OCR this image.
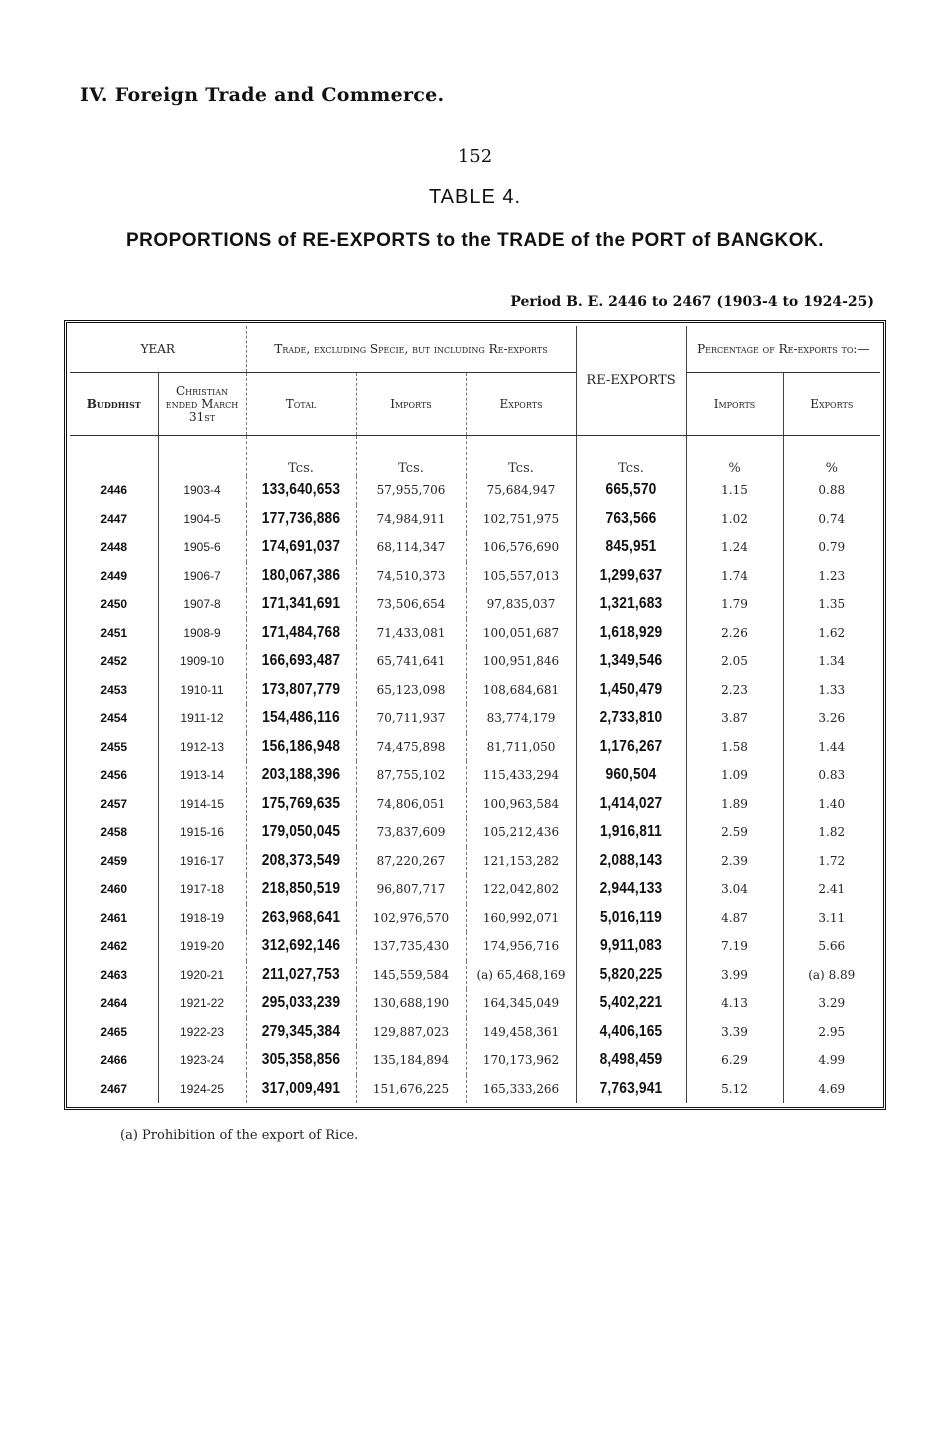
IV. Foreign Trade and Commerce.
152
TABLE 4.
PROPORTIONS of RE-EXPORTS to the TRADE of the PORT of BANGKOK.
Period B. E. 2446 to 2467 (1903-4 to 1924-25)
YEAR		Trade, excluding Specie, but including Re-exports			RE-EXPORTS	Percentage of Re-exports to:—	
Buddhist	Christian ended March 31st	Total	Imports	Exports		Imports	Exports
		Tcs.	Tcs.	Tcs.	Tcs.	%	%
2446	1903-4	133,640,653	57,955,706	75,684,947	665,570	1.15	0.88
2447	1904-5	177,736,886	74,984,911	102,751,975	763,566	1.02	0.74
2448	1905-6	174,691,037	68,114,347	106,576,690	845,951	1.24	0.79
2449	1906-7	180,067,386	74,510,373	105,557,013	1,299,637	1.74	1.23
2450	1907-8	171,341,691	73,506,654	97,835,037	1,321,683	1.79	1.35
2451	1908-9	171,484,768	71,433,081	100,051,687	1,618,929	2.26	1.62
2452	1909-10	166,693,487	65,741,641	100,951,846	1,349,546	2.05	1.34
2453	1910-11	173,807,779	65,123,098	108,684,681	1,450,479	2.23	1.33
2454	1911-12	154,486,116	70,711,937	83,774,179	2,733,810	3.87	3.26
2455	1912-13	156,186,948	74,475,898	81,711,050	1,176,267	1.58	1.44
2456	1913-14	203,188,396	87,755,102	115,433,294	960,504	1.09	0.83
2457	1914-15	175,769,635	74,806,051	100,963,584	1,414,027	1.89	1.40
2458	1915-16	179,050,045	73,837,609	105,212,436	1,916,811	2.59	1.82
2459	1916-17	208,373,549	87,220,267	121,153,282	2,088,143	2.39	1.72
2460	1917-18	218,850,519	96,807,717	122,042,802	2,944,133	3.04	2.41
2461	1918-19	263,968,641	102,976,570	160,992,071	5,016,119	4.87	3.11
2462	1919-20	312,692,146	137,735,430	174,956,716	9,911,083	7.19	5.66
2463	1920-21	211,027,753	145,559,584	(a) 65,468,169	5,820,225	3.99	(a) 8.89
2464	1921-22	295,033,239	130,688,190	164,345,049	5,402,221	4.13	3.29
2465	1922-23	279,345,384	129,887,023	149,458,361	4,406,165	3.39	2.95
2466	1923-24	305,358,856	135,184,894	170,173,962	8,498,459	6.29	4.99
2467	1924-25	317,009,491	151,676,225	165,333,266	7,763,941	5.12	4.69
(a) Prohibition of the export of Rice.
